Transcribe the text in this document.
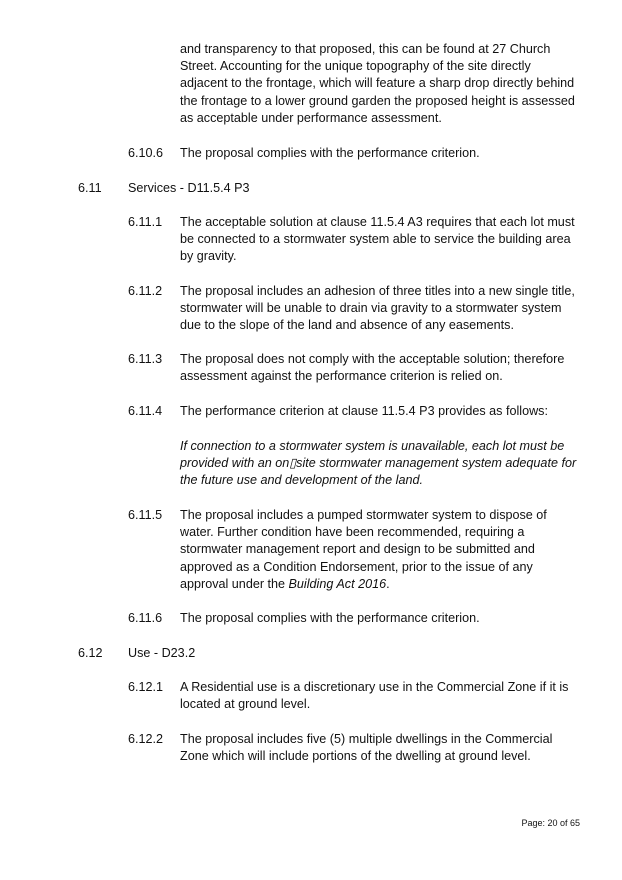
and transparency to that proposed, this can be found at 27 Church Street. Accounting for the unique topography of the site directly adjacent to the frontage, which will feature a sharp drop directly behind the frontage to a lower ground garden the proposed height is assessed as acceptable under performance assessment.
6.10.6 The proposal complies with the performance criterion.
6.11 Services - D11.5.4 P3
6.11.1 The acceptable solution at clause 11.5.4 A3 requires that each lot must be connected to a stormwater system able to service the building area by gravity.
6.11.2 The proposal includes an adhesion of three titles into a new single title, stormwater will be unable to drain via gravity to a stormwater system due to the slope of the land and absence of any easements.
6.11.3 The proposal does not comply with the acceptable solution; therefore assessment against the performance criterion is relied on.
6.11.4 The performance criterion at clause 11.5.4 P3 provides as follows:
If connection to a stormwater system is unavailable, each lot must be provided with an on▯site stormwater management system adequate for the future use and development of the land.
6.11.5 The proposal includes a pumped stormwater system to dispose of water. Further condition have been recommended, requiring a stormwater management report and design to be submitted and approved as a Condition Endorsement, prior to the issue of any approval under the Building Act 2016.
6.11.6 The proposal complies with the performance criterion.
6.12 Use - D23.2
6.12.1 A Residential use is a discretionary use in the Commercial Zone if it is located at ground level.
6.12.2 The proposal includes five (5) multiple dwellings in the Commercial Zone which will include portions of the dwelling at ground level.
Page: 20 of 65
